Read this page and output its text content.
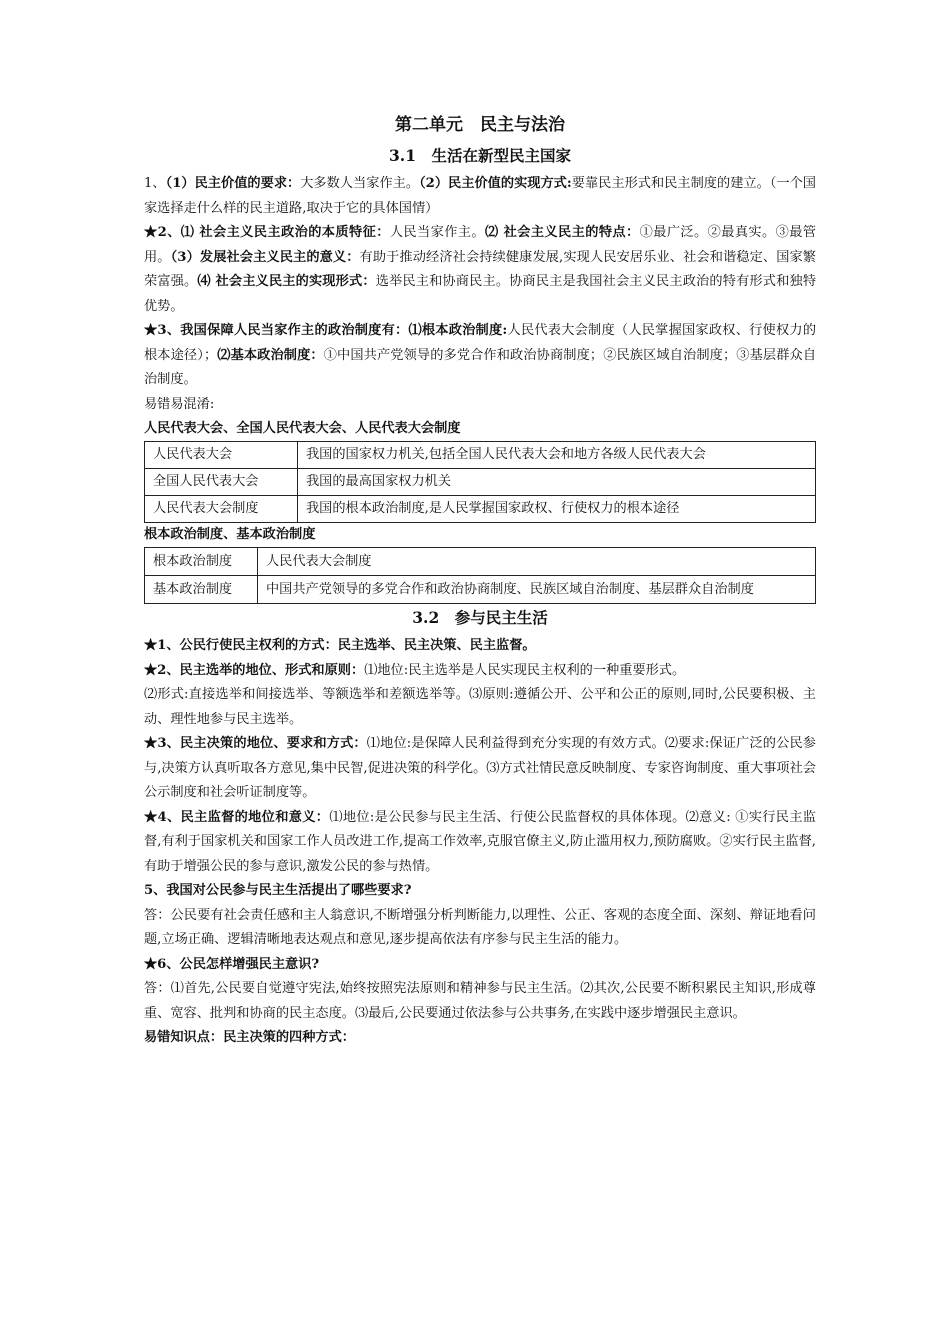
第二单元　民主与法治
3.1　生活在新型民主国家

1、（1）民主价值的要求：大多数人当家作主。（2）民主价值的实现方式:要靠民主形式和民主制度的建立。（一个国家选择走什么样的民主道路,取决于它的具体国情）

★2、⑴ 社会主义民主政治的本质特征：人民当家作主。⑵ 社会主义民主的特点：①最广泛。②最真实。③最管用。（3）发展社会主义民主的意义：有助于推动经济社会持续健康发展,实现人民安居乐业、社会和谐稳定、国家繁荣富强。⑷ 社会主义民主的实现形式：选举民主和协商民主。协商民主是我国社会主义民主政治的特有形式和独特优势。

★3、我国保障人民当家作主的政治制度有：⑴根本政治制度:人民代表大会制度（人民掌握国家政权、行使权力的根本途径）；⑵基本政治制度：①中国共产党领导的多党合作和政治协商制度；②民族区域自治制度；③基层群众自治制度。

易错易混淆:

人民代表大会、全国人民代表大会、人民代表大会制度

人民代表大会	我国的国家权力机关,包括全国人民代表大会和地方各级人民代表大会
全国人民代表大会	我国的最高国家权力机关
人民代表大会制度	我国的根本政治制度,是人民掌握国家政权、行使权力的根本途径

根本政治制度、基本政治制度

根本政治制度	人民代表大会制度
基本政治制度	中国共产党领导的多党合作和政治协商制度、民族区域自治制度、基层群众自治制度
3.2　参与民主生活

★1、公民行使民主权利的方式：民主选举、民主决策、民主监督。

★2、民主选举的地位、形式和原则：⑴地位:民主选举是人民实现民主权利的一种重要形式。

⑵形式:直接选举和间接选举、等额选举和差额选举等。⑶原则:遵循公开、公平和公正的原则,同时,公民要积极、主动、理性地参与民主选举。

★3、民主决策的地位、要求和方式：⑴地位:是保障人民利益得到充分实现的有效方式。⑵要求:保证广泛的公民参与,决策方认真听取各方意见,集中民智,促进决策的科学化。⑶方式社情民意反映制度、专家咨询制度、重大事项社会公示制度和社会听证制度等。

★4、民主监督的地位和意义：⑴地位:是公民参与民主生活、行使公民监督权的具体体现。⑵意义: ①实行民主监督,有利于国家机关和国家工作人员改进工作,提高工作效率,克服官僚主义,防止滥用权力,预防腐败。②实行民主监督,有助于增强公民的参与意识,激发公民的参与热情。

5、我国对公民参与民主生活提出了哪些要求?

答：公民要有社会责任感和主人翁意识,不断增强分析判断能力,以理性、公正、客观的态度全面、深刻、辩证地看问题,立场正确、逻辑清晰地表达观点和意见,逐步提高依法有序参与民主生活的能力。

★6、公民怎样增强民主意识?

答：⑴首先,公民要自觉遵守宪法,始终按照宪法原则和精神参与民主生活。⑵其次,公民要不断积累民主知识,形成尊重、宽容、批判和协商的民主态度。⑶最后,公民要通过依法参与公共事务,在实践中逐步增强民主意识。

易错知识点：民主决策的四种方式：
